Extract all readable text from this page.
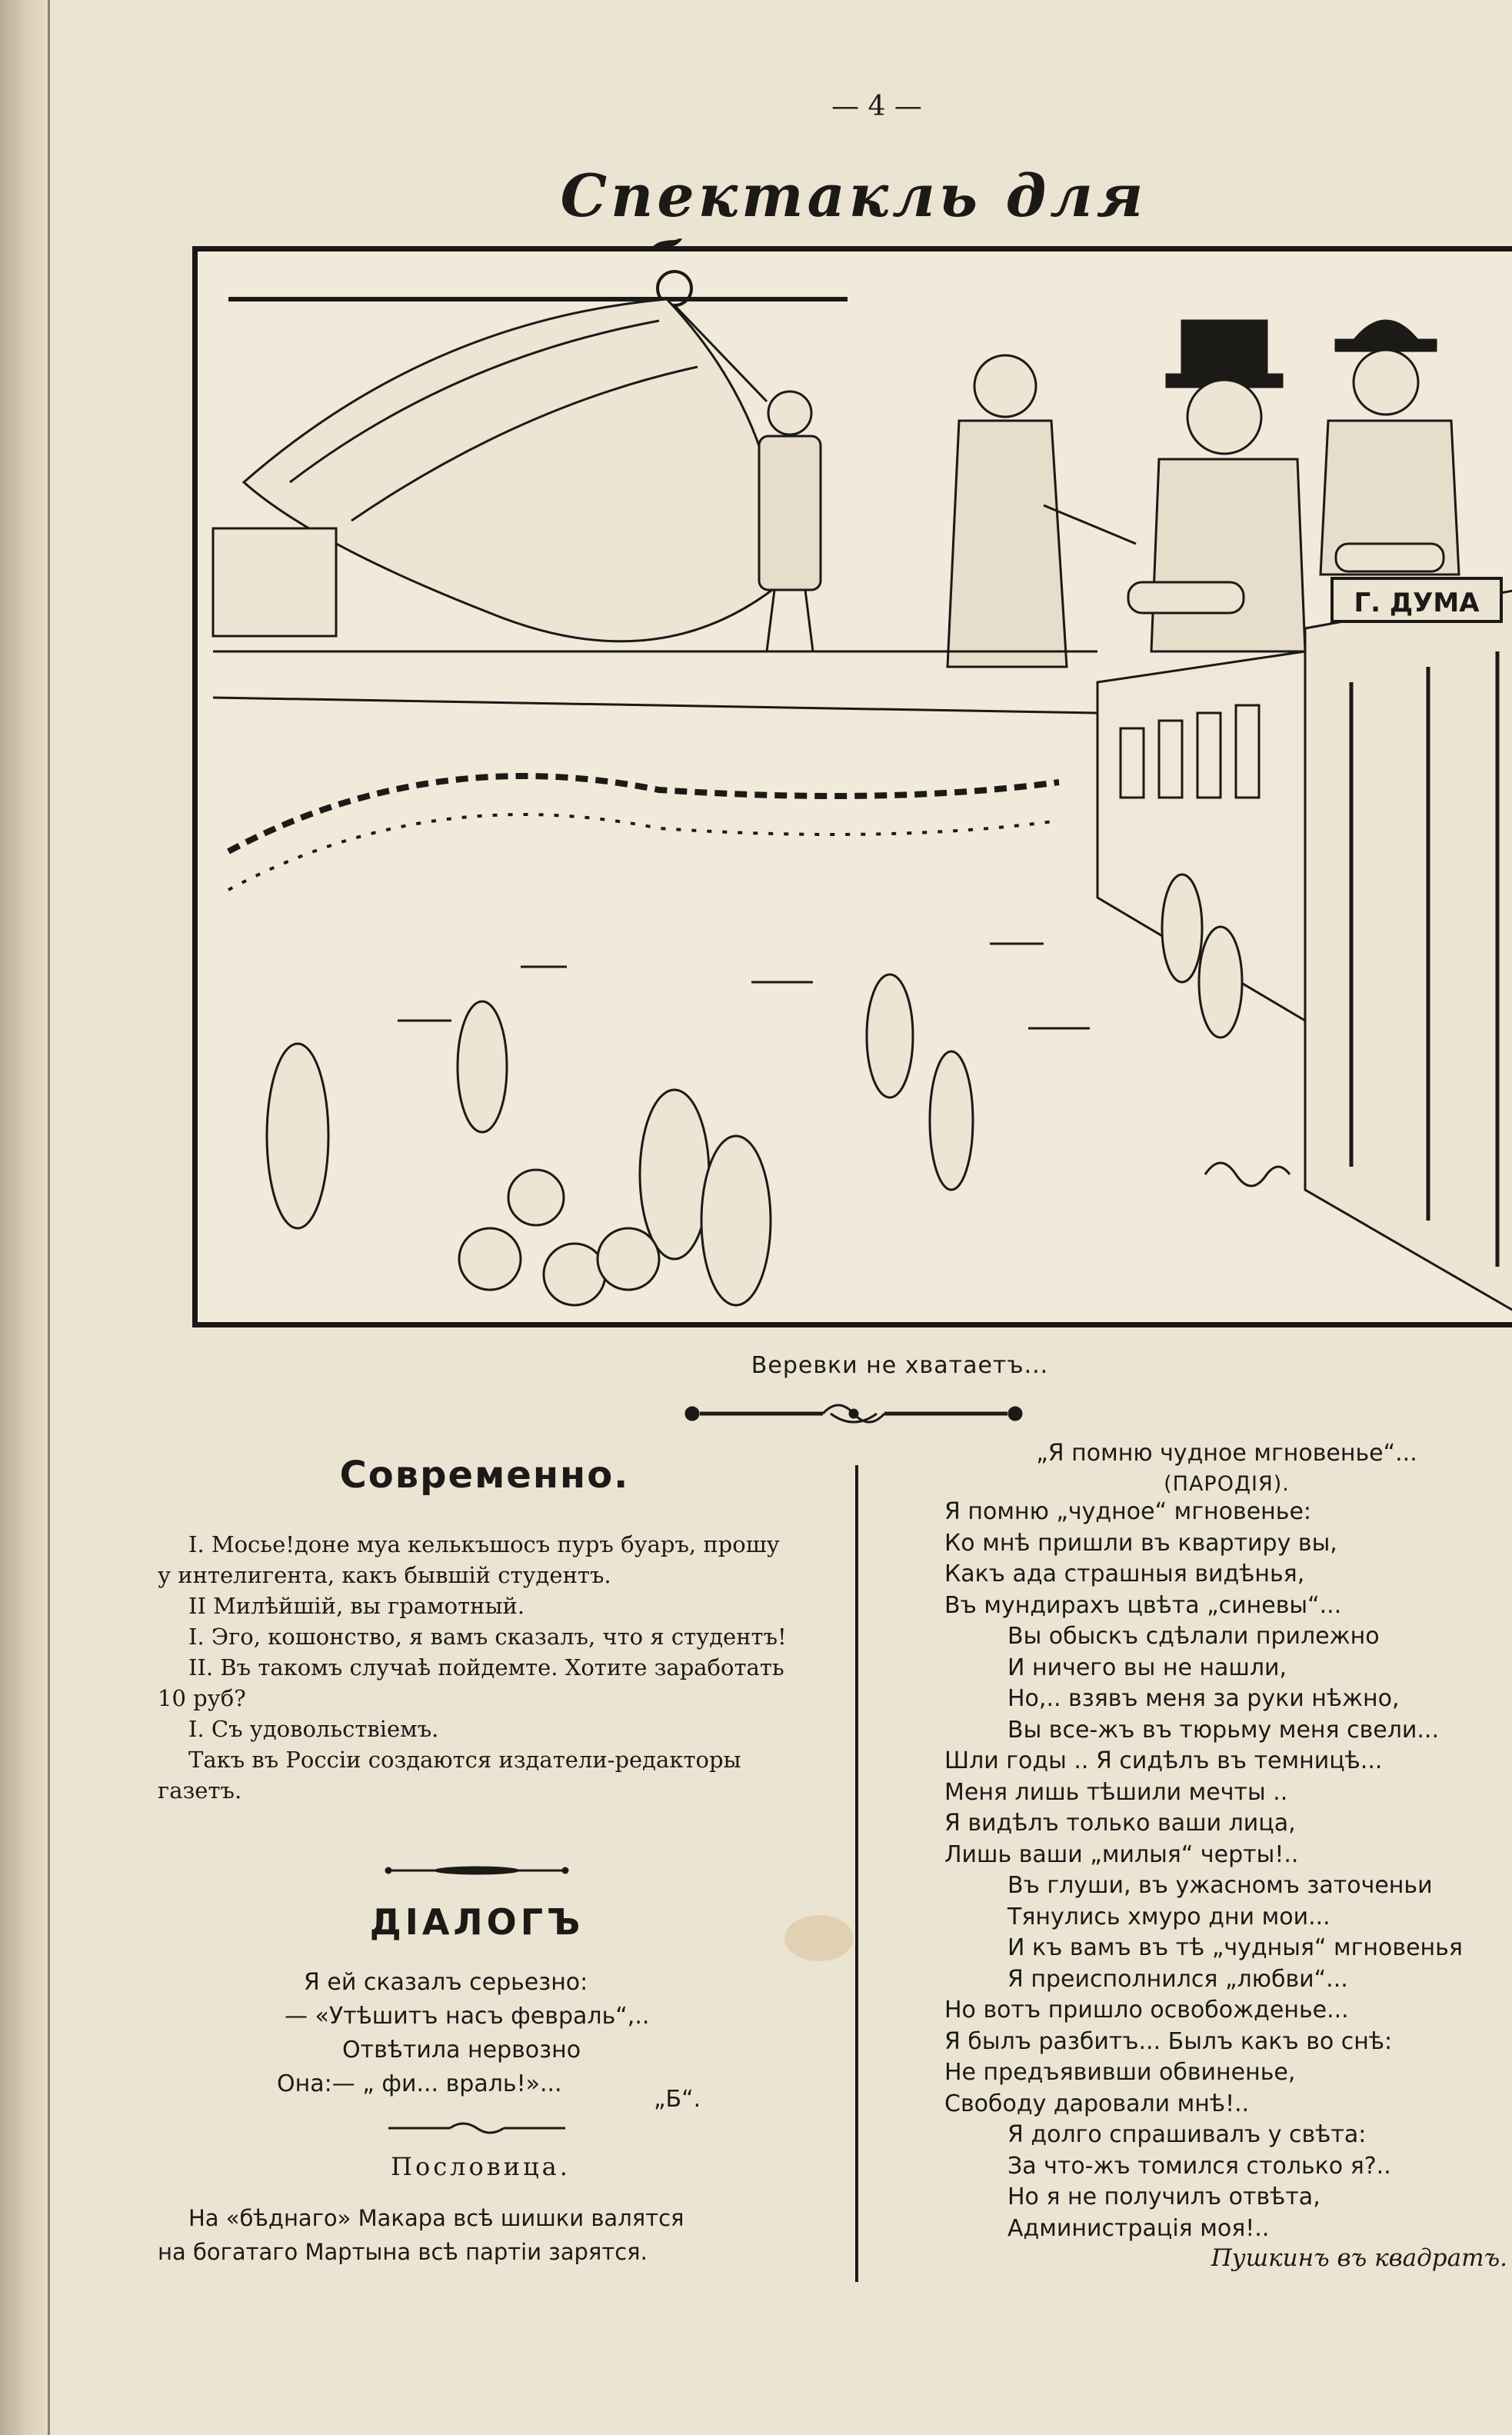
— 4 —
Спектакль для
Г. ДУМА
Веревки не хватаетъ...
Современно.

I. Мосье!доне муа келькъшосъ пуръ буаръ, прошу у интелигента, какъ бывшій студентъ.

II Милѣйшій, вы грамотный.

I. Эго, кошонство, я вамъ сказалъ, что я студентъ!

II. Въ такомъ случаѣ пойдемте. Хотите заработать 10 руб?

I. Съ удовольствіемъ.

Такъ въ Россіи создаются издатели-редакторы газетъ.

ДІАЛОГЪ
Я ей сказалъ серьезно:
— «Утѣшитъ насъ февраль“,..
Отвѣтила нервозно
Она:— „ фи... враль!»...
„Б“.
Пословица.
На «бѣднаго» Макара всѣ шишки валятся
на богатаго Мартына всѣ партіи зарятся.
„Я помню чудное мгновенье“...
(ПАРОДІЯ).
Я помню „чудное“ мгновенье:
Ко мнѣ пришли въ квартиру вы,
Какъ ада страшныя видѣнья,
Въ мундирахъ цвѣта „синевы“...
Вы обыскъ сдѣлали прилежно
И ничего вы не нашли,
Но,.. взявъ меня за руки нѣжно,
Вы все-жъ въ тюрьму меня свели...
Шли годы .. Я сидѣлъ въ темницѣ...
Меня лишь тѣшили мечты ..
Я видѣлъ только ваши лица,
Лишь ваши „милыя“ черты!..
Въ глуши, въ ужасномъ заточеньи
Тянулись хмуро дни мои...
И къ вамъ въ тѣ „чудныя“ мгновенья
Я преисполнился „любви“...
Но вотъ пришло освобожденье...
Я былъ разбитъ... Былъ какъ во снѣ:
Не предъявивши обвиненье,
Свободу даровали мнѣ!..
Я долго спрашивалъ у свѣта:
За что-жъ томился столько я?..
Но я не получилъ отвѣта,
Администрація моя!..
Пушкинъ въ квадратъ.
